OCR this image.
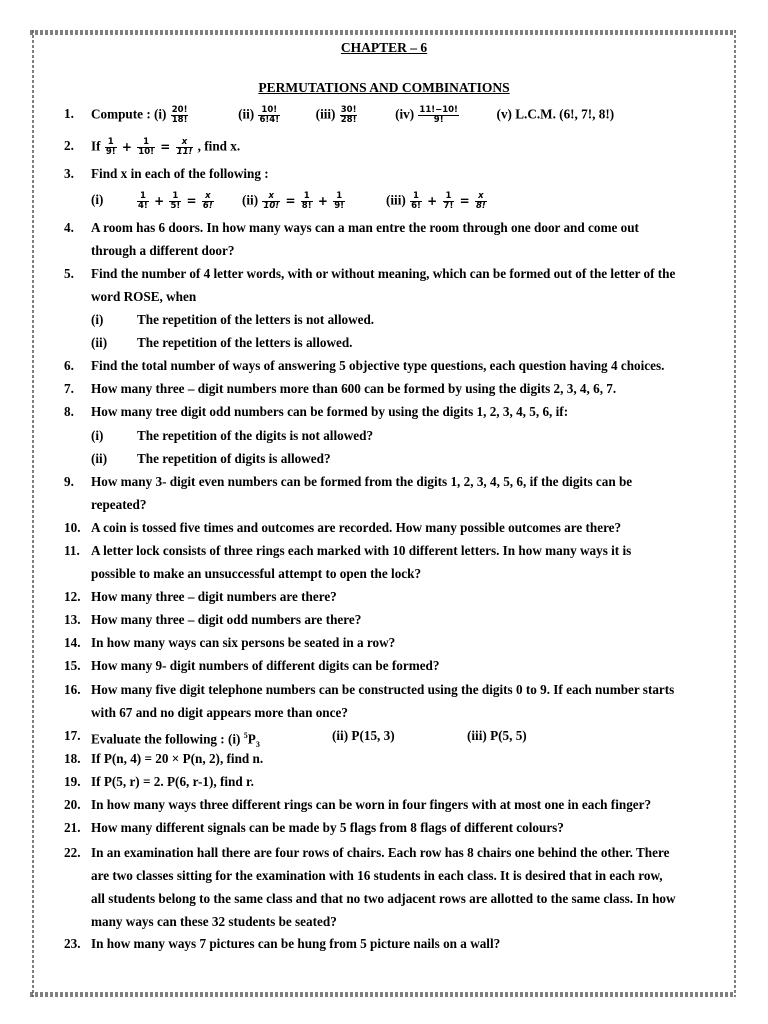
CHAPTER – 6
PERMUTATIONS AND COMBINATIONS
1.	Compute : $(i) \frac{20!}{18!}$	$(ii) \frac{10!}{6!4!}$	$(iii) \frac{30!}{28!}$	$(iv) \frac{11!-10!}{9!}$	(v) L.C.M. (6!, 7!, 8!)
2.	If $\frac{1}{9!} + \frac{1}{10!} = \frac{x}{11!}$ , find x.
3.	Find x in each of the following :
(i)	$\frac{1}{4!} + \frac{1}{5!} = \frac{x}{6!} (ii) \frac{x}{10!} = \frac{1}{8!} + \frac{1}{9!}$	$(iii) \frac{1}{6!} + \frac{1}{7!} = \frac{x}{8!}$
4.	A room has 6 doors. In how many ways can a man entre the room through one door and come out
through a different door?
5.	Find the number of 4 letter words, with or without meaning, which can be formed out of the letter of the
word ROSE, when
(i)	The repetition of the letters is not allowed.
(ii) The repetition of the letters is allowed.
6.	Find the total number of ways of answering 5 objective type questions, each question having 4 choices.
7.	How many three – digit numbers more than 600 can be formed by using the digits 2, 3, 4, 6, 7.
8.	How many tree digit odd numbers can be formed by using the digits 1, 2, 3, 4, 5, 6, if:
(i)	The repetition of the digits is not allowed?
(ii) The repetition of digits is allowed?
9.	How many 3- digit even numbers can be formed from the digits 1, 2, 3, 4, 5, 6, if the digits can be
repeated?
10. A coin is tossed five times and outcomes are recorded. How many possible outcomes are there?
11. A letter lock consists of three rings each marked with 10 different letters. In how many ways it is
possible to make an unsuccessful attempt to open the lock?
12. How many three – digit numbers are there?
13. How many three – digit odd numbers are there?
14. In how many ways can six persons be seated in a row?
15. How many 9- digit numbers of different digits can be formed?
16. How many five digit telephone numbers can be constructed using the digits 0 to 9. If each number starts
with 67 and no digit appears more than once?
17. Evaluate the following : (i) $^5P_3$
(ii) P(15, 3)	(iii) P(5, 5)
18. If P(n, 4) = 20 × P(n, 2), find n.
19. If P(5, r) = 2. P(6, r-1), find r.
20. In how many ways three different rings can be worn in four fingers with at most one in each finger?
21. How many different signals can be made by 5 flags from 8 flags of different colours?
22. In an examination hall there are four rows of chairs. Each row has 8 chairs one behind the other. There
are two classes sitting for the examination with 16 students in each class. It is desired that in each row,
all students belong to the same class and that no two adjacent rows are allotted to the same class. In how
many ways can these 32 students be seated?
23. In how many ways 7 pictures can be hung from 5 picture nails on a wall?
